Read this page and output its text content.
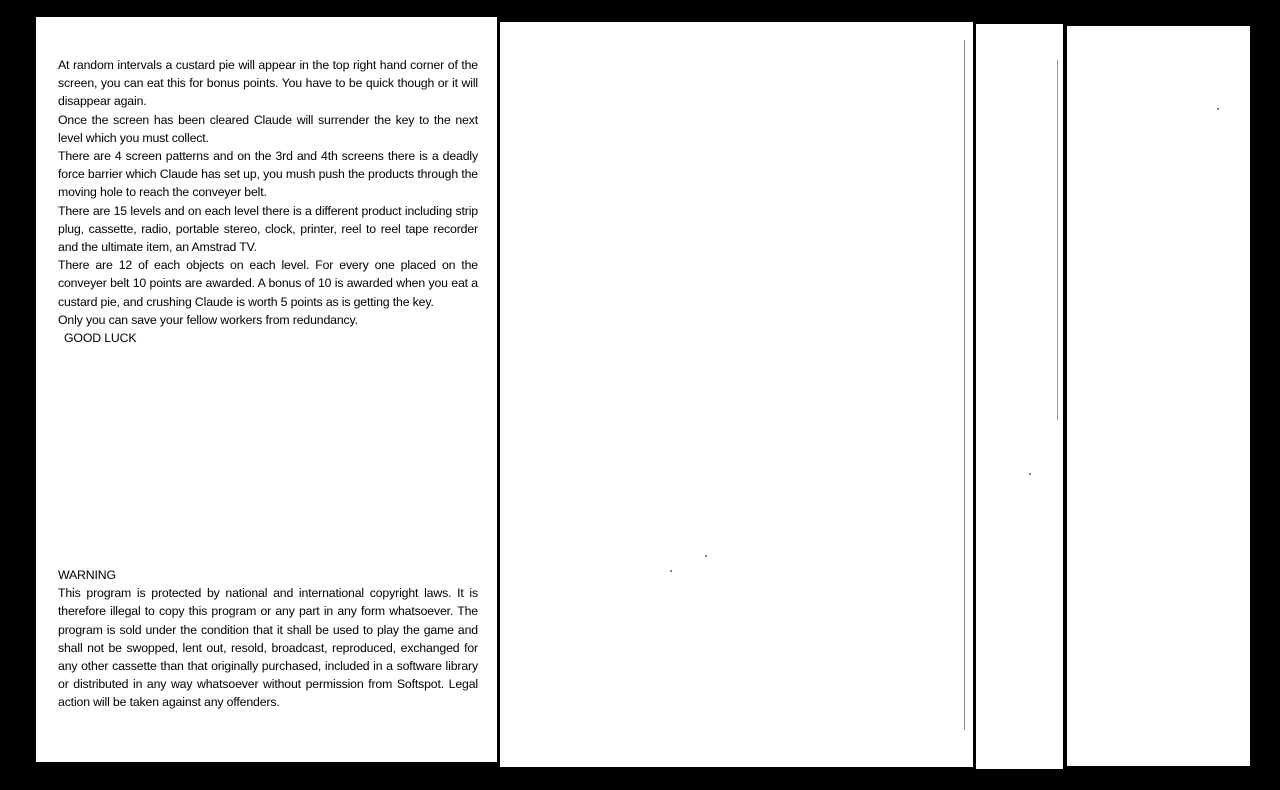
At random intervals a custard pie will appear in the top right hand corner of the screen, you can eat this for bonus points. You have to be quick though or it will disappear again.

Once the screen has been cleared Claude will surrender the key to the next level which you must collect.

There are 4 screen patterns and on the 3rd and 4th screens there is a deadly force barrier which Claude has set up, you mush push the products through the moving hole to reach the conveyer belt.

There are 15 levels and on each level there is a different product including strip plug, cassette, radio, portable stereo, clock, printer, reel to reel tape recorder and the ultimate item, an Amstrad TV.

There are 12 of each objects on each level. For every one placed on the conveyer belt 10 points are awarded. A bonus of 10 is awarded when you eat a custard pie, and crushing Claude is worth 5 points as is getting the key.

Only you can save your fellow workers from redundancy.

GOOD LUCK

WARNING

This program is protected by national and international copyright laws. It is therefore illegal to copy this program or any part in any form whatsoever. The program is sold under the condition that it shall be used to play the game and shall not be swopped, lent out, resold, broadcast, reproduced, exchanged for any other cassette than that originally purchased, included in a software library or distributed in any way whatsoever without permission from Softspot. Legal action will be taken against any offenders.
